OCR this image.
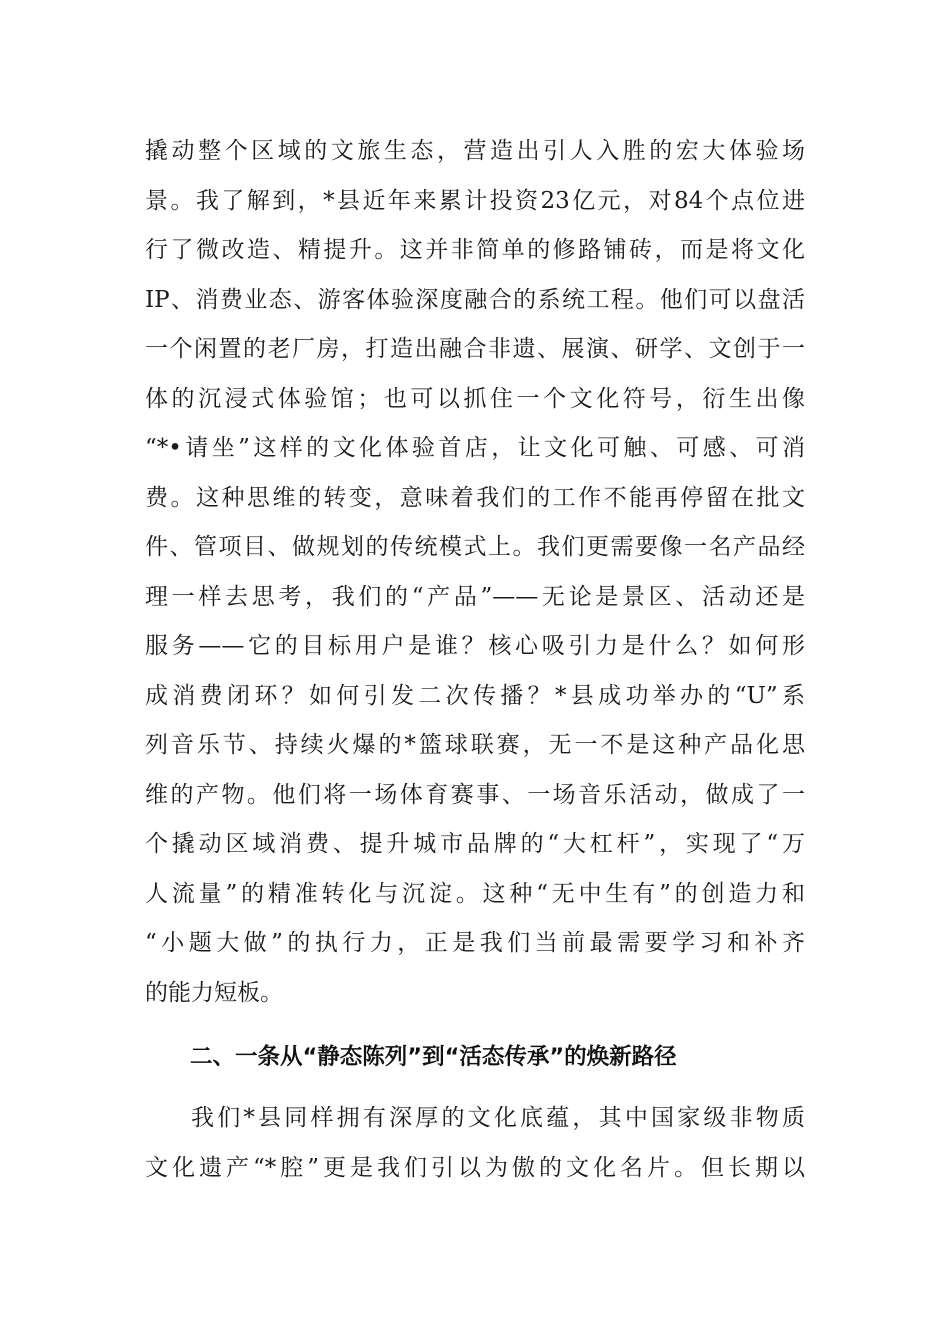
撬动整个区域的文旅生态，营造出引人入胜的宏大体验场
景。我了解到，*县近年来累计投资23亿元，对84个点位进
行了微改造、精提升。这并非简单的修路铺砖，而是将文化
IP、消费业态、游客体验深度融合的系统工程。他们可以盘活
一个闲置的老厂房，打造出融合非遗、展演、研学、文创于一
体的沉浸式体验馆；也可以抓住一个文化符号，衍生出像
“*•请坐”这样的文化体验首店，让文化可触、可感、可消
费。这种思维的转变，意味着我们的工作不能再停留在批文
件、管项目、做规划的传统模式上。我们更需要像一名产品经
理一样去思考，我们的“产品”——无论是景区、活动还是
服务——它的目标用户是谁？核心吸引力是什么？如何形
成消费闭环？如何引发二次传播？*县成功举办的“U”系
列音乐节、持续火爆的*篮球联赛，无一不是这种产品化思
维的产物。他们将一场体育赛事、一场音乐活动，做成了一
个撬动区域消费、提升城市品牌的“大杠杆”，实现了“万
人流量”的精准转化与沉淀。这种“无中生有”的创造力和
“小题大做”的执行力，正是我们当前最需要学习和补齐
的能力短板。
二、一条从“静态陈列”到“活态传承”的焕新路径
我们*县同样拥有深厚的文化底蕴，其中国家级非物质
文化遗产“*腔”更是我们引以为傲的文化名片。但长期以
